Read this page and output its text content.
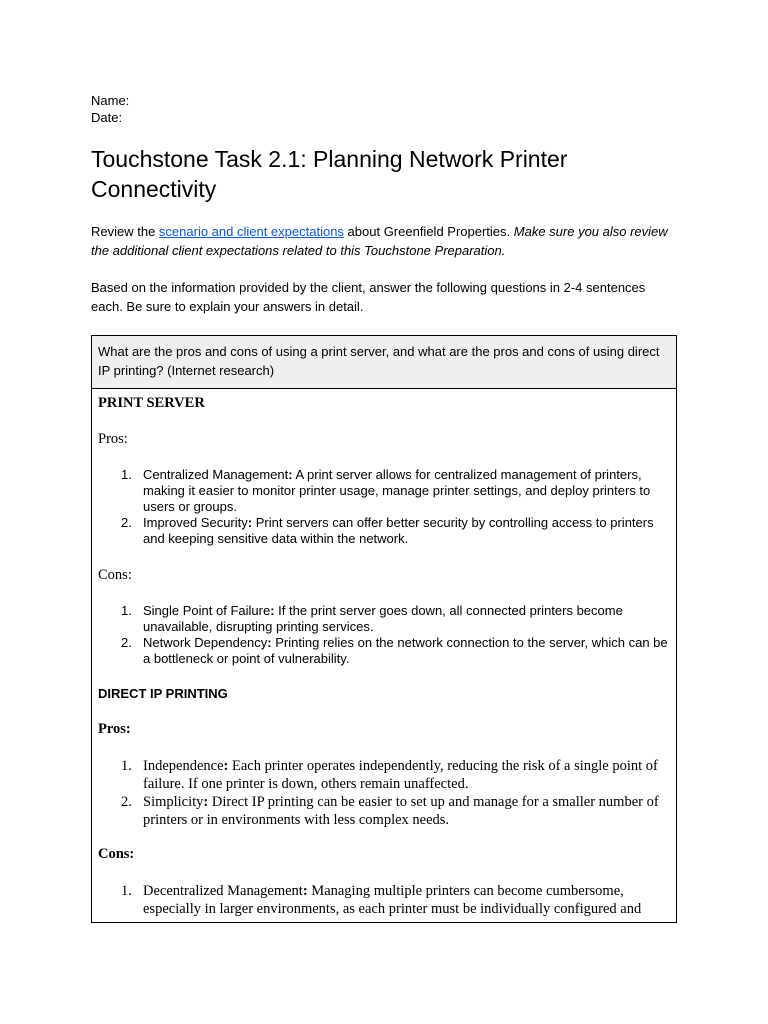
Name:
Date:
Touchstone Task 2.1: Planning Network Printer Connectivity

Review the scenario and client expectations about Greenfield Properties. Make sure you also review the additional client expectations related to this Touchstone Preparation.

Based on the information provided by the client, answer the following questions in 2-4 sentences each. Be sure to explain your answers in detail.

What are the pros and cons of using a print server, and what are the pros and cons of using direct IP printing? (Internet research)
PRINT SERVER
Pros:
1. Centralized Management: A print server allows for centralized management of printers, making it easier to monitor printer usage, manage printer settings, and deploy printers to users or groups.
2. Improved Security: Print servers can offer better security by controlling access to printers and keeping sensitive data within the network.
Cons:
1. Single Point of Failure: If the print server goes down, all connected printers become unavailable, disrupting printing services.
2. Network Dependency: Printing relies on the network connection to the server, which can be a bottleneck or point of vulnerability.
DIRECT IP PRINTING
Pros:
1. Independence: Each printer operates independently, reducing the risk of a single point of failure. If one printer is down, others remain unaffected.
2. Simplicity: Direct IP printing can be easier to set up and manage for a smaller number of printers or in environments with less complex needs.
Cons:
1. Decentralized Management: Managing multiple printers can become cumbersome, especially in larger environments, as each printer must be individually configured and
